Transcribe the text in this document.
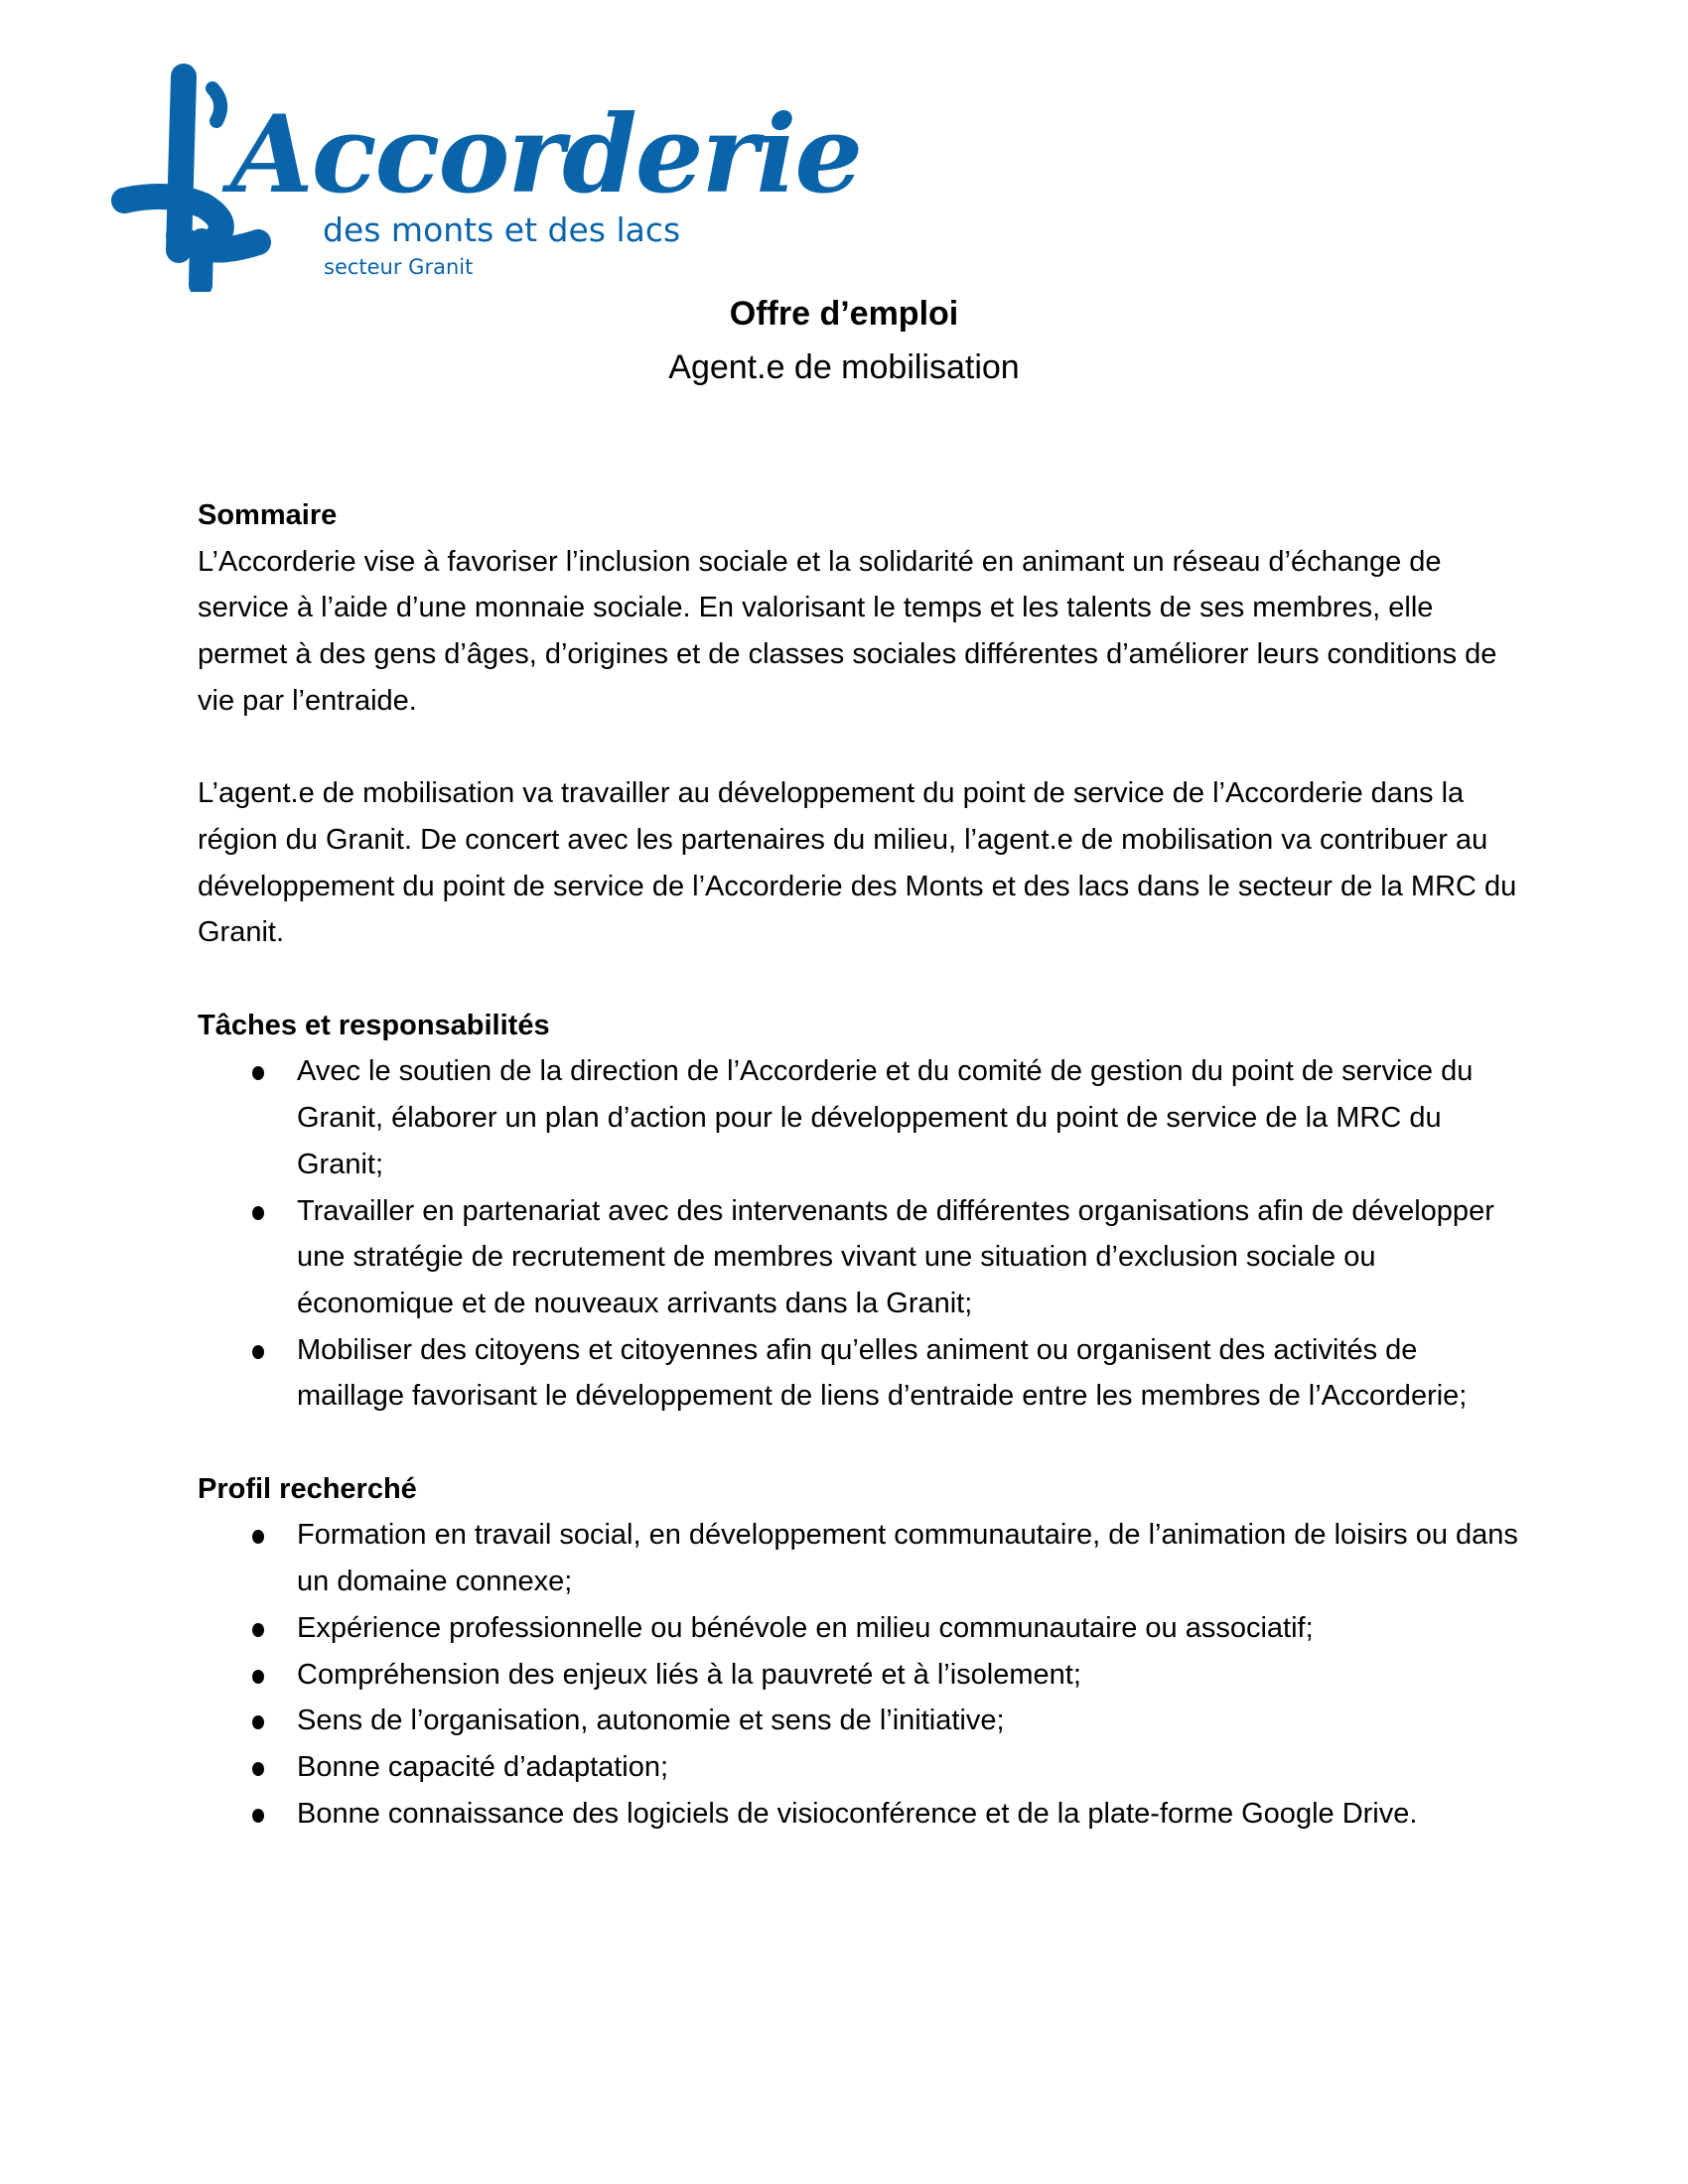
Accorderie
des monts et des lacs
secteur Granit
Offre d’emploi
Agent.e de mobilisation
Sommaire

L’Accorderie vise à favoriser l’inclusion sociale et la solidarité en animant un réseau d’échange de service à l’aide d’une monnaie sociale. En valorisant le temps et les talents de ses membres, elle permet à des gens d’âges, d’origines et de classes sociales différentes d’améliorer leurs conditions de vie par l’entraide.

L’agent.e de mobilisation va travailler au développement du point de service de l’Accorderie dans la région du Granit. De concert avec les partenaires du milieu, l’agent.e de mobilisation va contribuer au développement du point de service de l’Accorderie des Monts et des lacs dans le secteur de la MRC du Granit.

Tâches et responsabilités
Avec le soutien de la direction de l’Accorderie et du comité de gestion du point de service du Granit, élaborer un plan d’action pour le développement du point de service de la MRC du Granit;
Travailler en partenariat avec des intervenants de différentes organisations afin de développer une stratégie de recrutement de membres vivant une situation d’exclusion sociale ou économique et de nouveaux arrivants dans la Granit;
Mobiliser des citoyens et citoyennes afin qu’elles animent ou organisent des activités de maillage favorisant le développement de liens d’entraide entre les membres de l’Accorderie;
Profil recherché
Formation en travail social, en développement communautaire, de l’animation de loisirs ou dans un domaine connexe;
Expérience professionnelle ou bénévole en milieu communautaire ou associatif;
Compréhension des enjeux liés à la pauvreté et à l’isolement;
Sens de l’organisation, autonomie et sens de l’initiative;
Bonne capacité d’adaptation;
Bonne connaissance des logiciels de visioconférence et de la plate-forme Google Drive.
